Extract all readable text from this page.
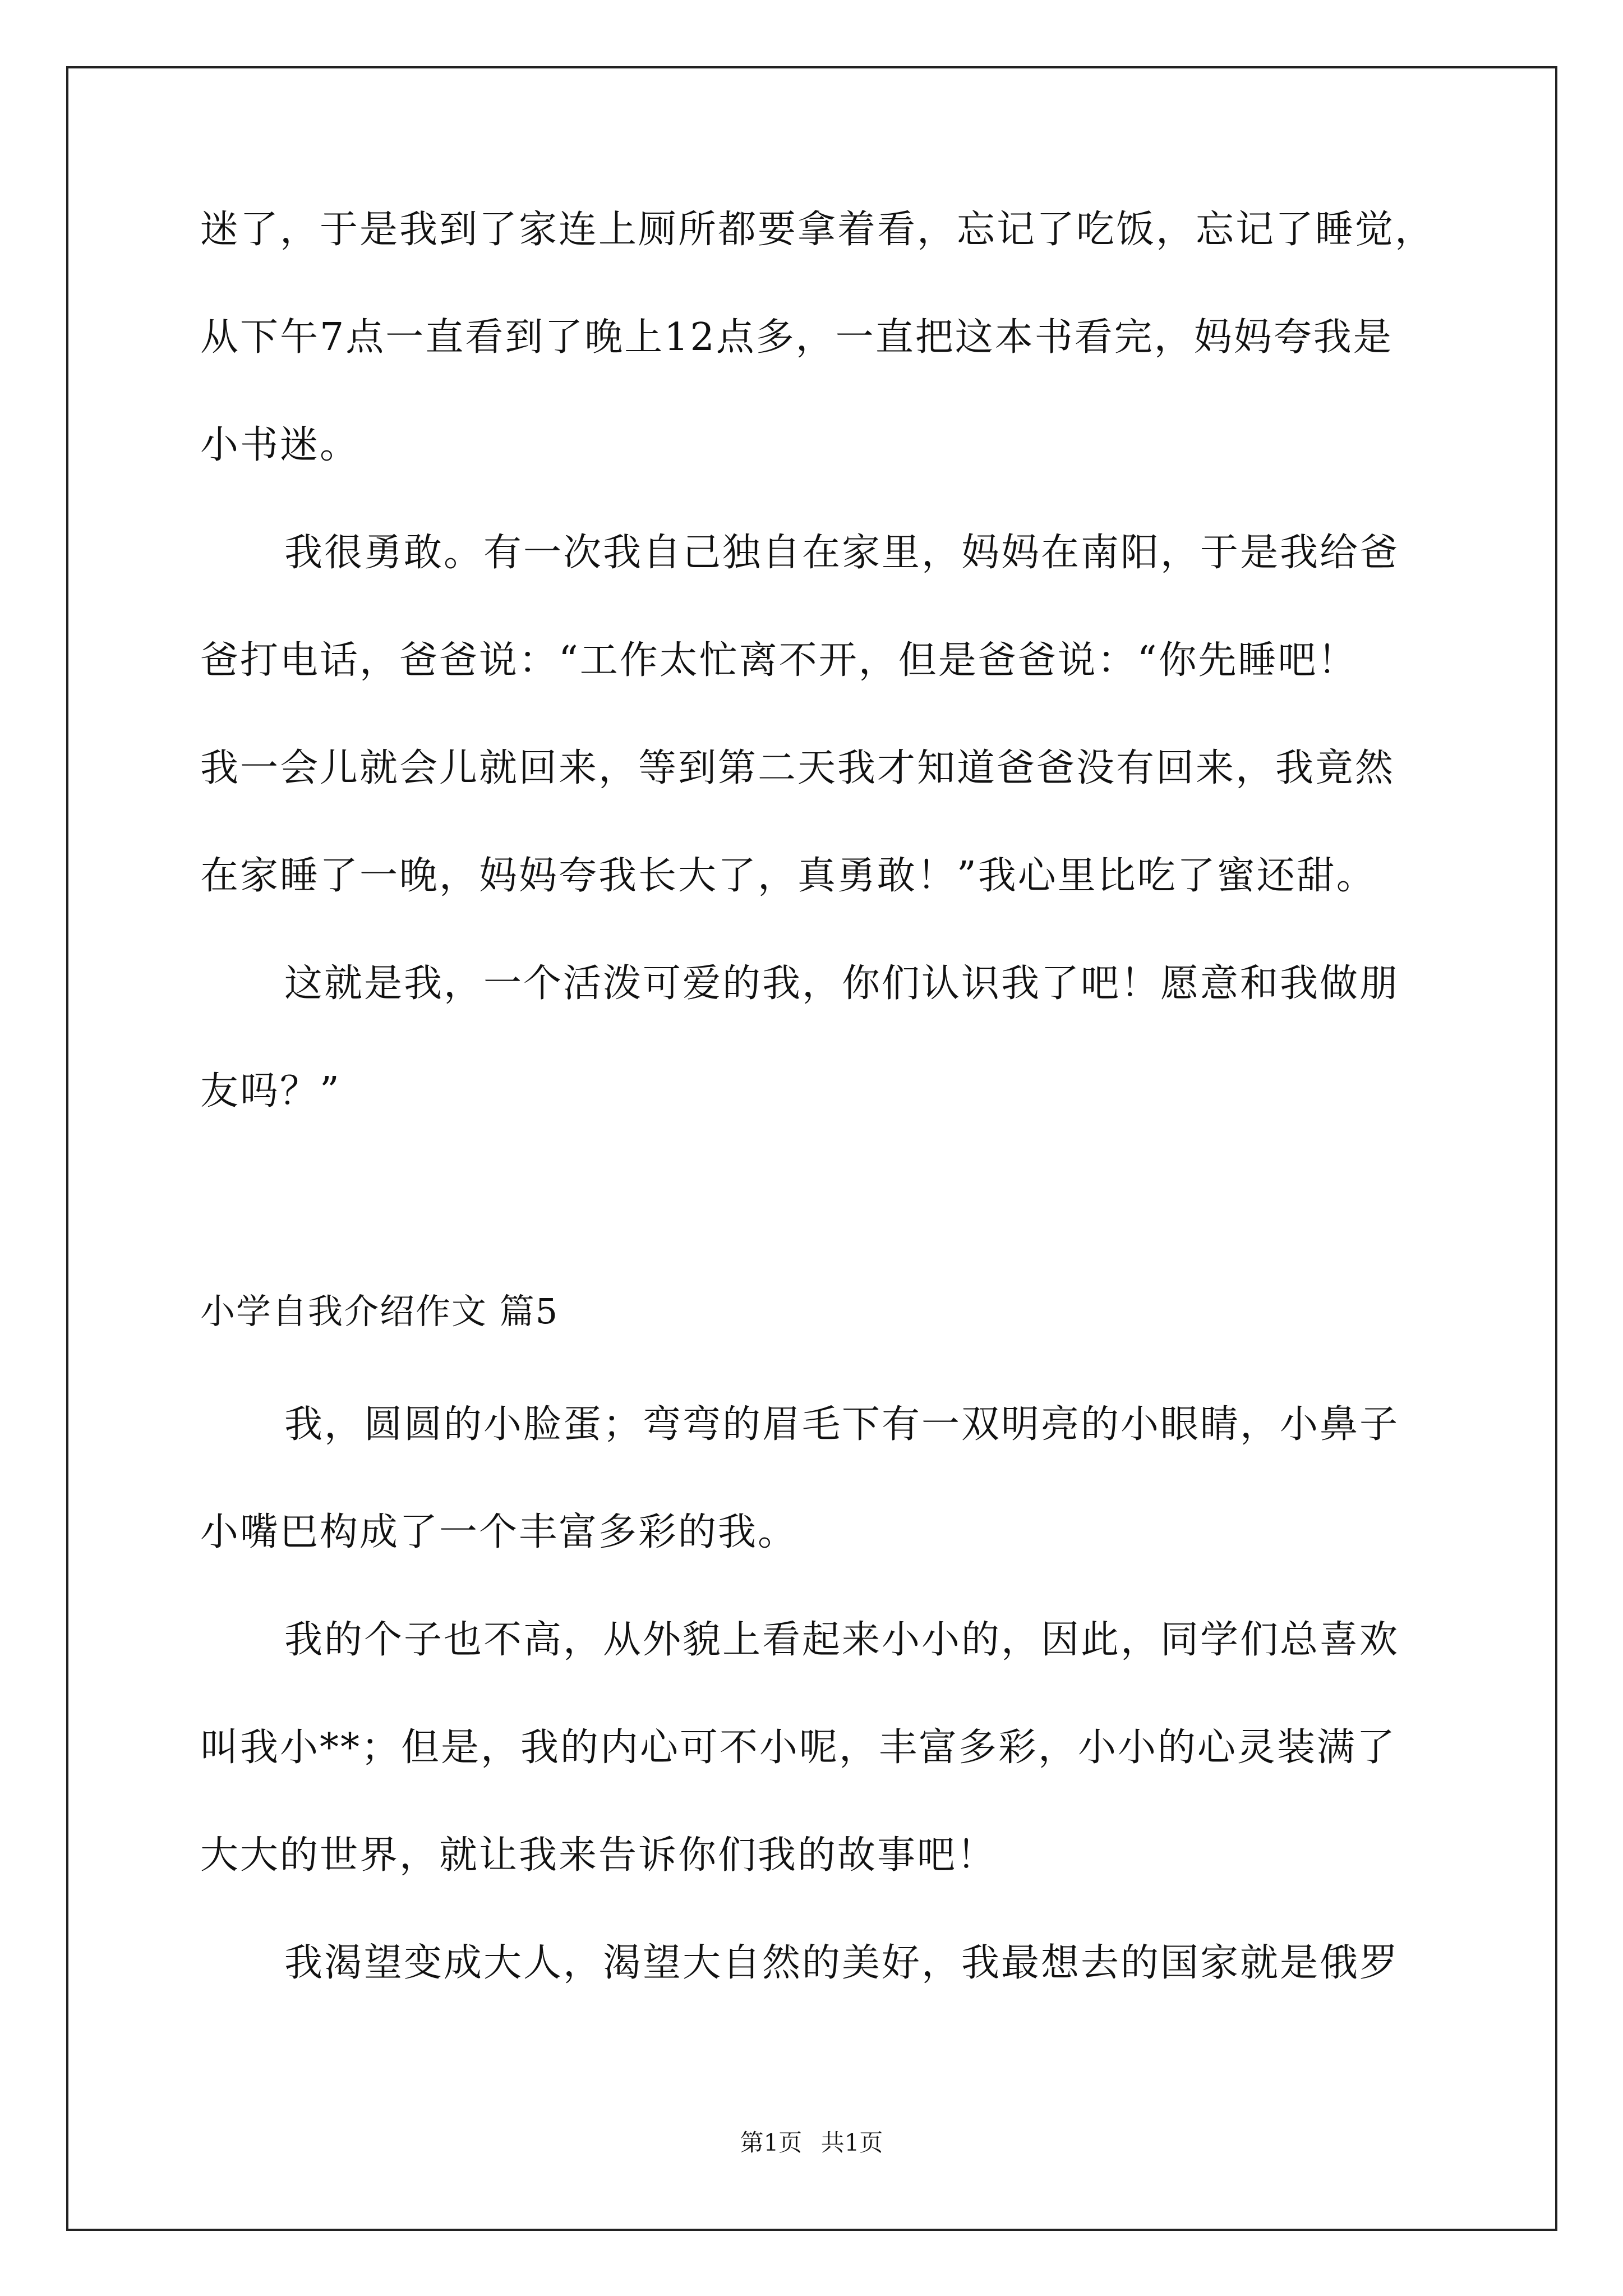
迷了，于是我到了家连上厕所都要拿着看，忘记了吃饭，忘记了睡觉，
从下午7点一直看到了晚上12点多，一直把这本书看完，妈妈夸我是
小书迷。
我很勇敢。有一次我自己独自在家里，妈妈在南阳，于是我给爸
爸打电话，爸爸说：“工作太忙离不开，但是爸爸说：“你先睡吧！
我一会儿就会儿就回来，等到第二天我才知道爸爸没有回来，我竟然
在家睡了一晚，妈妈夸我长大了，真勇敢！”我心里比吃了蜜还甜。
这就是我，一个活泼可爱的我，你们认识我了吧！愿意和我做朋
友吗？”
小学自我介绍作文 篇5
我，圆圆的小脸蛋；弯弯的眉毛下有一双明亮的小眼睛，小鼻子
小嘴巴构成了一个丰富多彩的我。
我的个子也不高，从外貌上看起来小小的，因此，同学们总喜欢
叫我小**；但是，我的内心可不小呢，丰富多彩，小小的心灵装满了
大大的世界，就让我来告诉你们我的故事吧！
我渴望变成大人，渴望大自然的美好，我最想去的国家就是俄罗
第1页 共1页
